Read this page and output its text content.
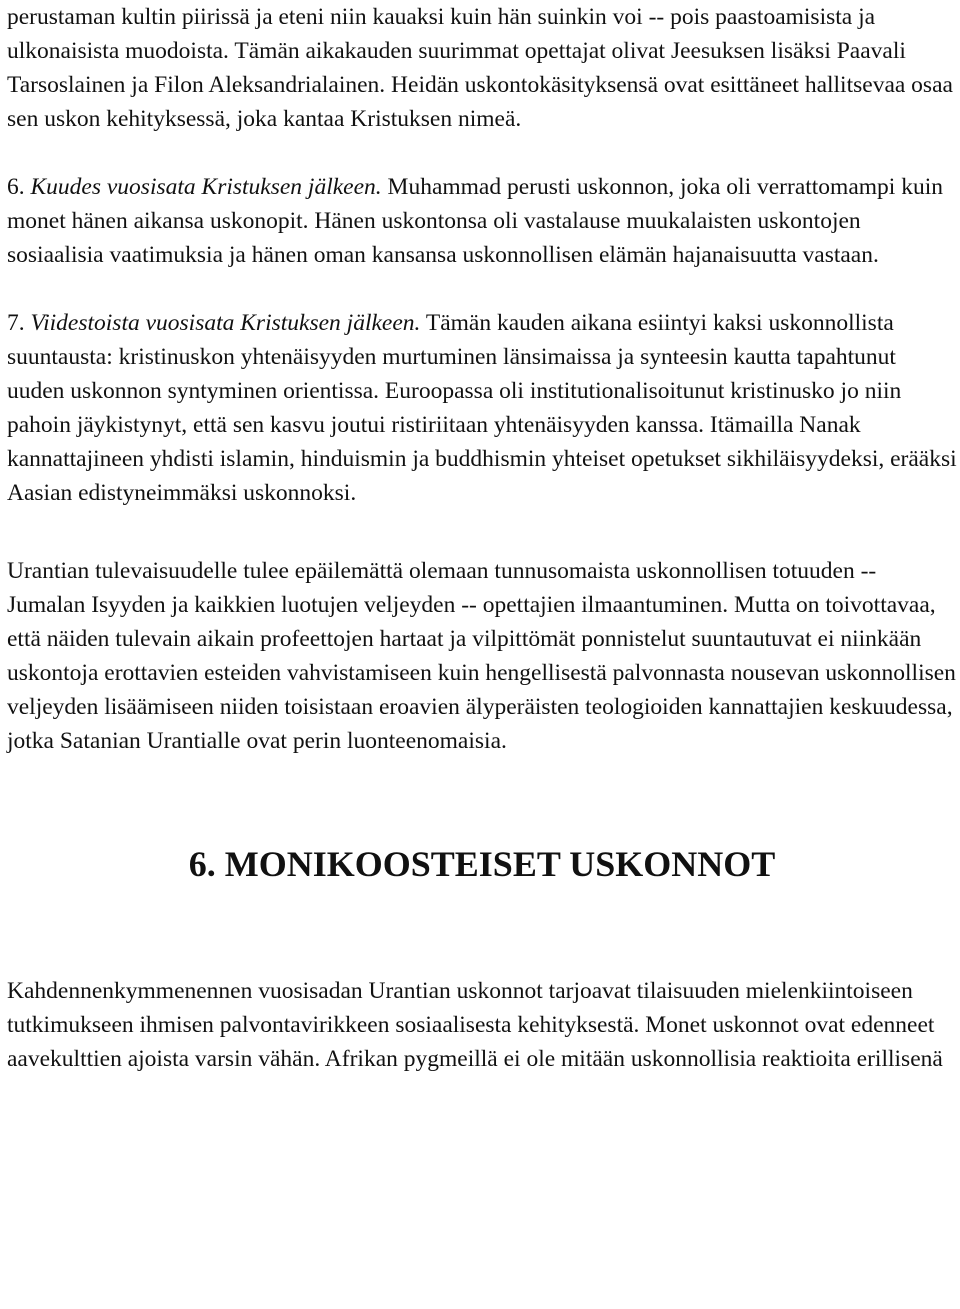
perustaman kultin piirissä ja eteni niin kauaksi kuin hän suinkin voi -- pois paastoamisista ja ulkonaisista muodoista. Tämän aikakauden suurimmat opettajat olivat Jeesuksen lisäksi Paavali Tarsoslainen ja Filon Aleksandrialainen. Heidän uskontokäsityksensä ovat esittäneet hallitsevaa osaa sen uskon kehityksessä, joka kantaa Kristuksen nimeä.

6. Kuudes vuosisata Kristuksen jälkeen. Muhammad perusti uskonnon, joka oli verrattomampi kuin monet hänen aikansa uskonopit. Hänen uskontonsa oli vastalause muukalaisten uskontojen sosiaalisia vaatimuksia ja hänen oman kansansa uskonnollisen elämän hajanaisuutta vastaan.

7. Viidestoista vuosisata Kristuksen jälkeen. Tämän kauden aikana esiintyi kaksi uskonnollista suuntausta: kristinuskon yhtenäisyyden murtuminen länsimaissa ja synteesin kautta tapahtunut uuden uskonnon syntyminen orientissa. Euroopassa oli institutionalisoitunut kristinusko jo niin pahoin jäykistynyt, että sen kasvu joutui ristiriitaan yhtenäisyyden kanssa. Itämailla Nanak kannattajineen yhdisti islamin, hinduismin ja buddhismin yhteiset opetukset sikhiläisyydeksi, erääksi Aasian edistyneimmäksi uskonnoksi.

Urantian tulevaisuudelle tulee epäilemättä olemaan tunnusomaista uskonnollisen totuuden -- Jumalan Isyyden ja kaikkien luotujen veljeyden -- opettajien ilmaantuminen. Mutta on toivottavaa, että näiden tulevain aikain profeettojen hartaat ja vilpittömät ponnistelut suuntautuvat ei niinkään uskontoja erottavien esteiden vahvistamiseen kuin hengellisestä palvonnasta nousevan uskonnollisen veljeyden lisäämiseen niiden toisistaan eroavien älyperäisten teologioiden kannattajien keskuudessa, jotka Satanian Urantialle ovat perin luonteenomaisia.

6. MONIKOOSTEISET USKONNOT

Kahdennenkymmenennen vuosisadan Urantian uskonnot tarjoavat tilaisuuden mielenkiintoiseen tutkimukseen ihmisen palvontavirikkeen sosiaalisesta kehityksestä. Monet uskonnot ovat edenneet aavekulttien ajoista varsin vähän. Afrikan pygmeillä ei ole mitään uskonnollisia reaktioita erillisenä
